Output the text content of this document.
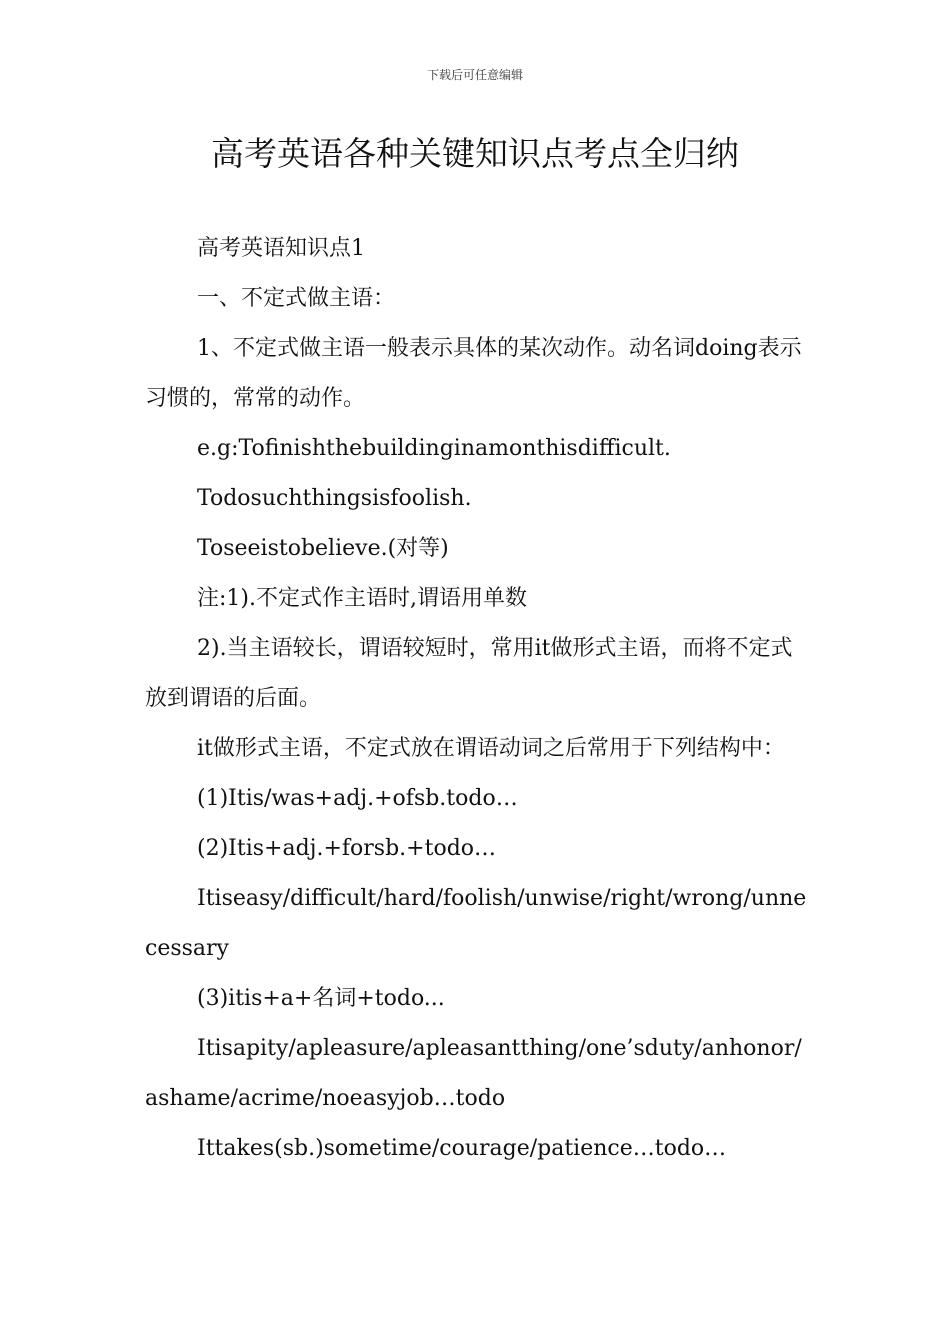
下载后可任意编辑
高考英语各种关键知识点考点全归纳

高考英语知识点1

一、不定式做主语：

1、不定式做主语一般表示具体的某次动作。动名词doing表示习惯的，常常的动作。

e.g:Tofinishthebuildinginamonthisdifficult.

Todosuchthingsisfoolish.

Toseeistobelieve.(对等)

注:1).不定式作主语时,谓语用单数

2).当主语较长，谓语较短时，常用it做形式主语，而将不定式放到谓语的后面。

it做形式主语，不定式放在谓语动词之后常用于下列结构中：

(1)Itis/was+adj.+ofsb.todo…

(2)Itis+adj.+forsb.+todo…

Itiseasy/difficult/hard/foolish/unwise/right/wrong/unnecessary

(3)itis+a+名词+todo...

Itisapity/apleasure/apleasantthing/one’sduty/anhonor/ashame/acrime/noeasyjob…todo

Ittakes(sb.)sometime/courage/patience…todo…
